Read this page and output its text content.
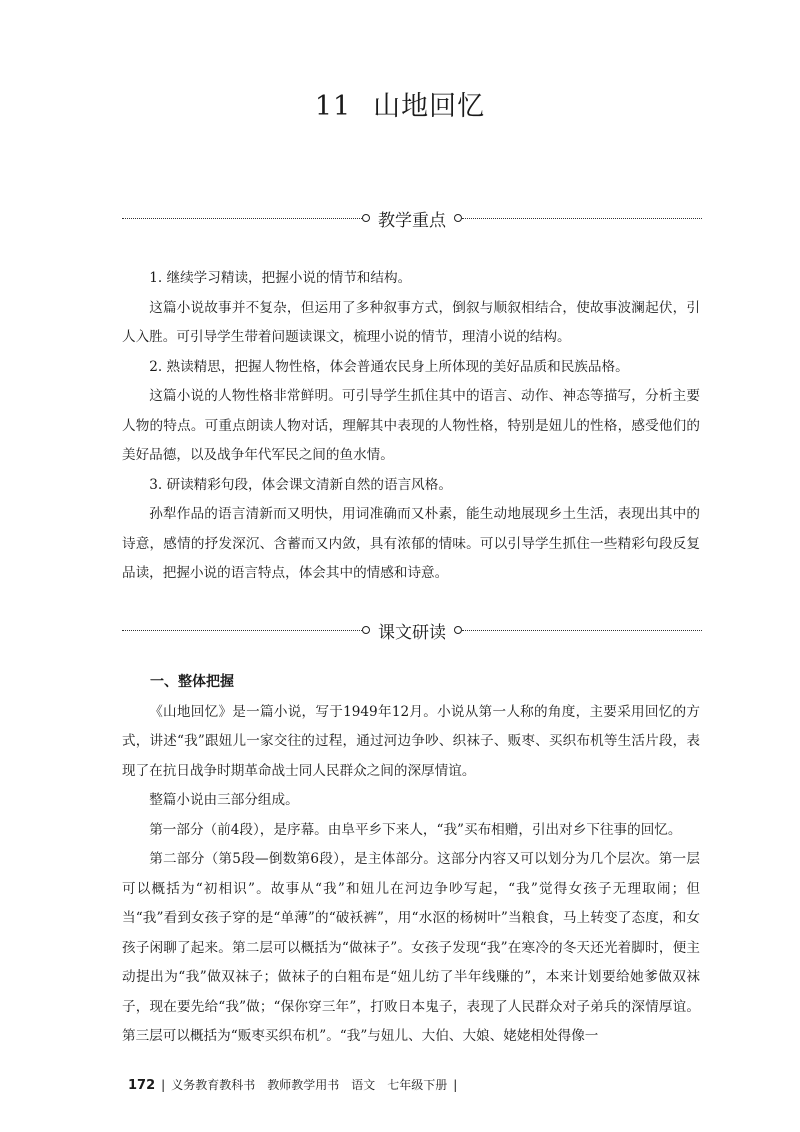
11 山地回忆
教学重点

1. 继续学习精读，把握小说的情节和结构。

这篇小说故事并不复杂，但运用了多种叙事方式，倒叙与顺叙相结合，使故事波澜起伏，引人入胜。可引导学生带着问题读课文，梳理小说的情节，理清小说的结构。

2. 熟读精思，把握人物性格，体会普通农民身上所体现的美好品质和民族品格。

这篇小说的人物性格非常鲜明。可引导学生抓住其中的语言、动作、神态等描写，分析主要人物的特点。可重点朗读人物对话，理解其中表现的人物性格，特别是妞儿的性格，感受他们的美好品德，以及战争年代军民之间的鱼水情。

3. 研读精彩句段，体会课文清新自然的语言风格。

孙犁作品的语言清新而又明快，用词准确而又朴素，能生动地展现乡土生活，表现出其中的诗意，感情的抒发深沉、含蓄而又内敛，具有浓郁的情味。可以引导学生抓住一些精彩句段反复品读，把握小说的语言特点，体会其中的情感和诗意。

课文研读

一、整体把握

《山地回忆》是一篇小说，写于1949年12月。小说从第一人称的角度，主要采用回忆的方式，讲述“我”跟妞儿一家交往的过程，通过河边争吵、织袜子、贩枣、买织布机等生活片段，表现了在抗日战争时期革命战士同人民群众之间的深厚情谊。

整篇小说由三部分组成。

第一部分（前4段），是序幕。由阜平乡下来人，“我”买布相赠，引出对乡下往事的回忆。

第二部分（第5段—倒数第6段），是主体部分。这部分内容又可以划分为几个层次。第一层可以概括为“初相识”。故事从“我”和妞儿在河边争吵写起，“我”觉得女孩子无理取闹；但当“我”看到女孩子穿的是“单薄”的“破袄裤”，用“水沤的杨树叶”当粮食，马上转变了态度，和女孩子闲聊了起来。第二层可以概括为“做袜子”。女孩子发现“我”在寒冷的冬天还光着脚时，便主动提出为“我”做双袜子；做袜子的白粗布是“妞儿纺了半年线赚的”，本来计划要给她爹做双袜子，现在要先给“我”做；“保你穿三年”，打败日本鬼子，表现了人民群众对子弟兵的深情厚谊。第三层可以概括为“贩枣买织布机”。“我”与妞儿、大伯、大娘、姥姥相处得像一

172 | 义务教育教科书　教师教学用书　语文　七年级下册 |
